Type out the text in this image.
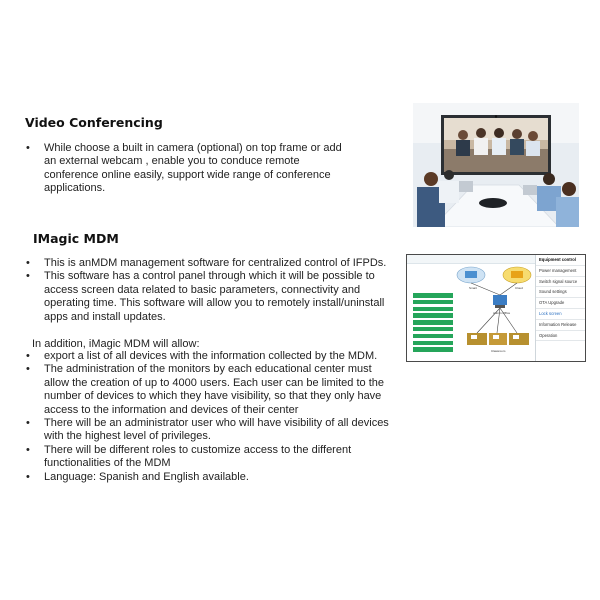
Video Conferencing
• While choose a built in camera (optional) on top frame or add an external webcam , enable you to conduce remote conference online easily, support wide range of conference applications.
IMagic MDM
• This is anMDM management software for centralized control of IFPDs.
• This software has a control panel through which it will be possible to access screen data related to basic parameters, connectivity and operating time. This software will allow you to remotely install/uninstall apps and install updates.
In addition, iMagic MDM will allow:
• export a list of all devices with the information collected by the MDM.
• The administration of the monitors by each educational center must allow the creation of up to 4000 users. Each user can be limited to the number of devices to which they have visibility, so that they only have access to the information and devices of their center
• There will be an administrator user who will have visibility of all devices with the highest level of privileges.
• There will be different roles to customize access to the different functionalities of the MDM
• Language: Spanish and English available.
Smart	Cloud
Admin Office
Classroom
Equipment control
Power management
Switch signal source
Sound settings
OTA Upgrade
Lock screen
Information Release
Operation
